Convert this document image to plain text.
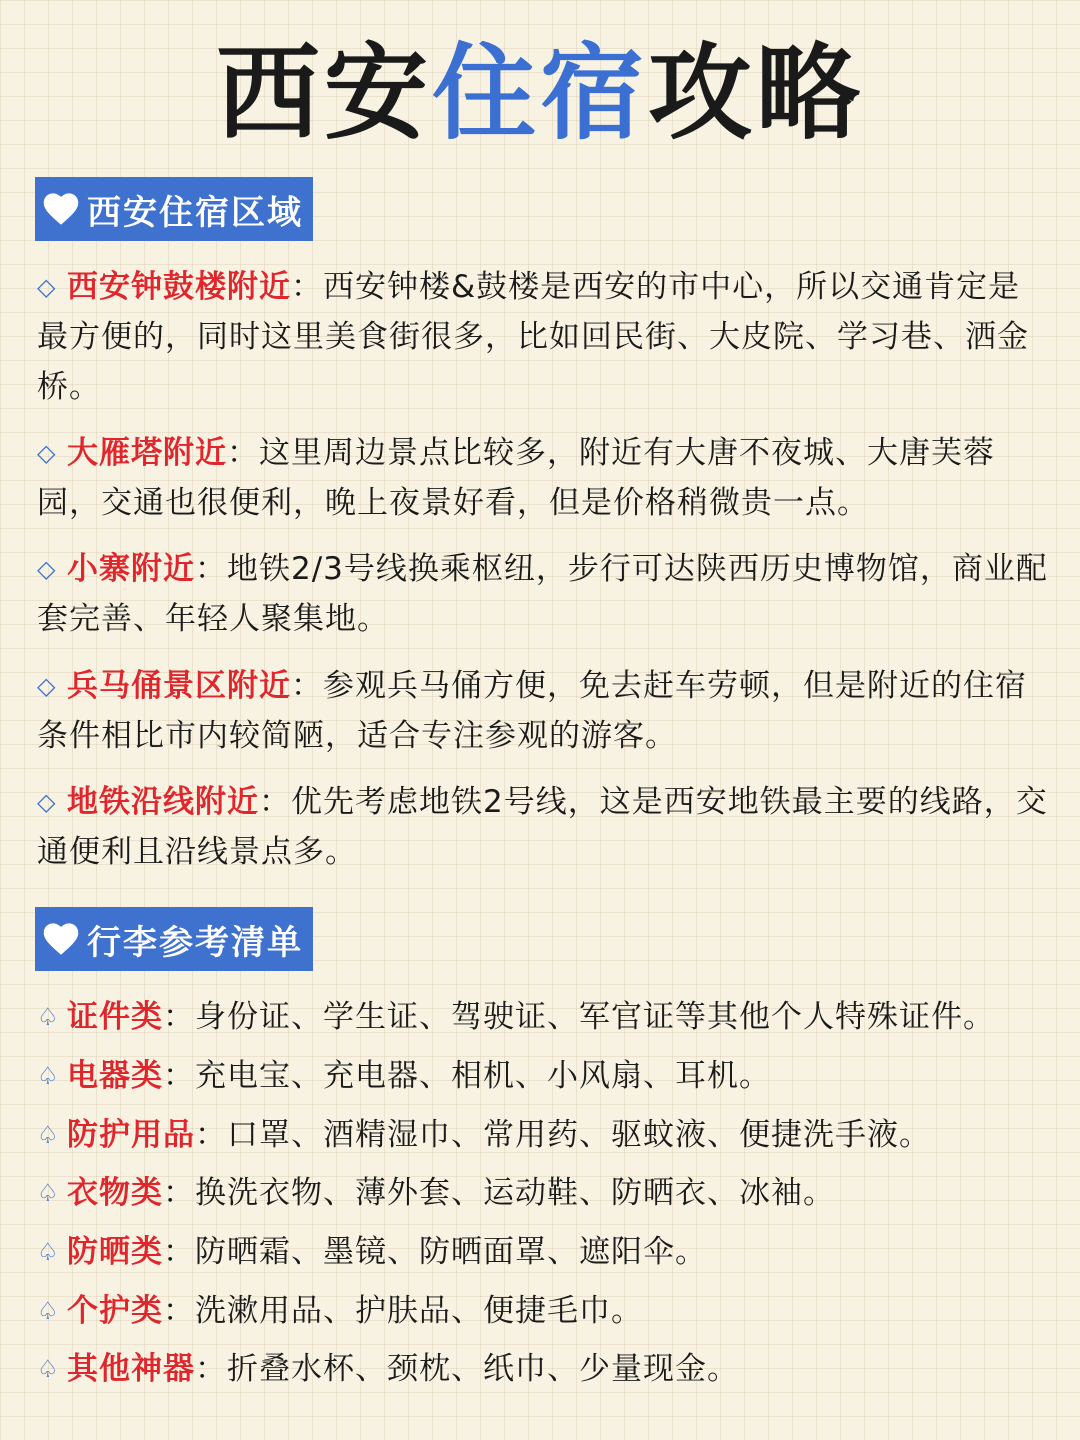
西安住宿攻略
西安住宿区域
◇ 西安钟鼓楼附近：西安钟楼&鼓楼是西安的市中心，所以交通肯定是最方便的，同时这里美食街很多，比如回民街、大皮院、学习巷、洒金桥。
◇ 大雁塔附近：这里周边景点比较多，附近有大唐不夜城、大唐芙蓉园，交通也很便利，晚上夜景好看，但是价格稍微贵一点。
◇ 小寨附近：地铁2/3号线换乘枢纽，步行可达陕西历史博物馆，商业配套完善、年轻人聚集地。
◇ 兵马俑景区附近：参观兵马俑方便，免去赶车劳顿，但是附近的住宿条件相比市内较简陋，适合专注参观的游客。
◇ 地铁沿线附近：优先考虑地铁2号线，这是西安地铁最主要的线路，交通便利且沿线景点多。
行李参考清单
♤ 证件类：身份证、学生证、驾驶证、军官证等其他个人特殊证件。
♤ 电器类：充电宝、充电器、相机、小风扇、耳机。
♤ 防护用品：口罩、酒精湿巾、常用药、驱蚊液、便捷洗手液。
♤ 衣物类：换洗衣物、薄外套、运动鞋、防晒衣、冰袖。
♤ 防晒类：防晒霜、墨镜、防晒面罩、遮阳伞。
♤ 个护类：洗漱用品、护肤品、便捷毛巾。
♤ 其他神器：折叠水杯、颈枕、纸巾、少量现金。
